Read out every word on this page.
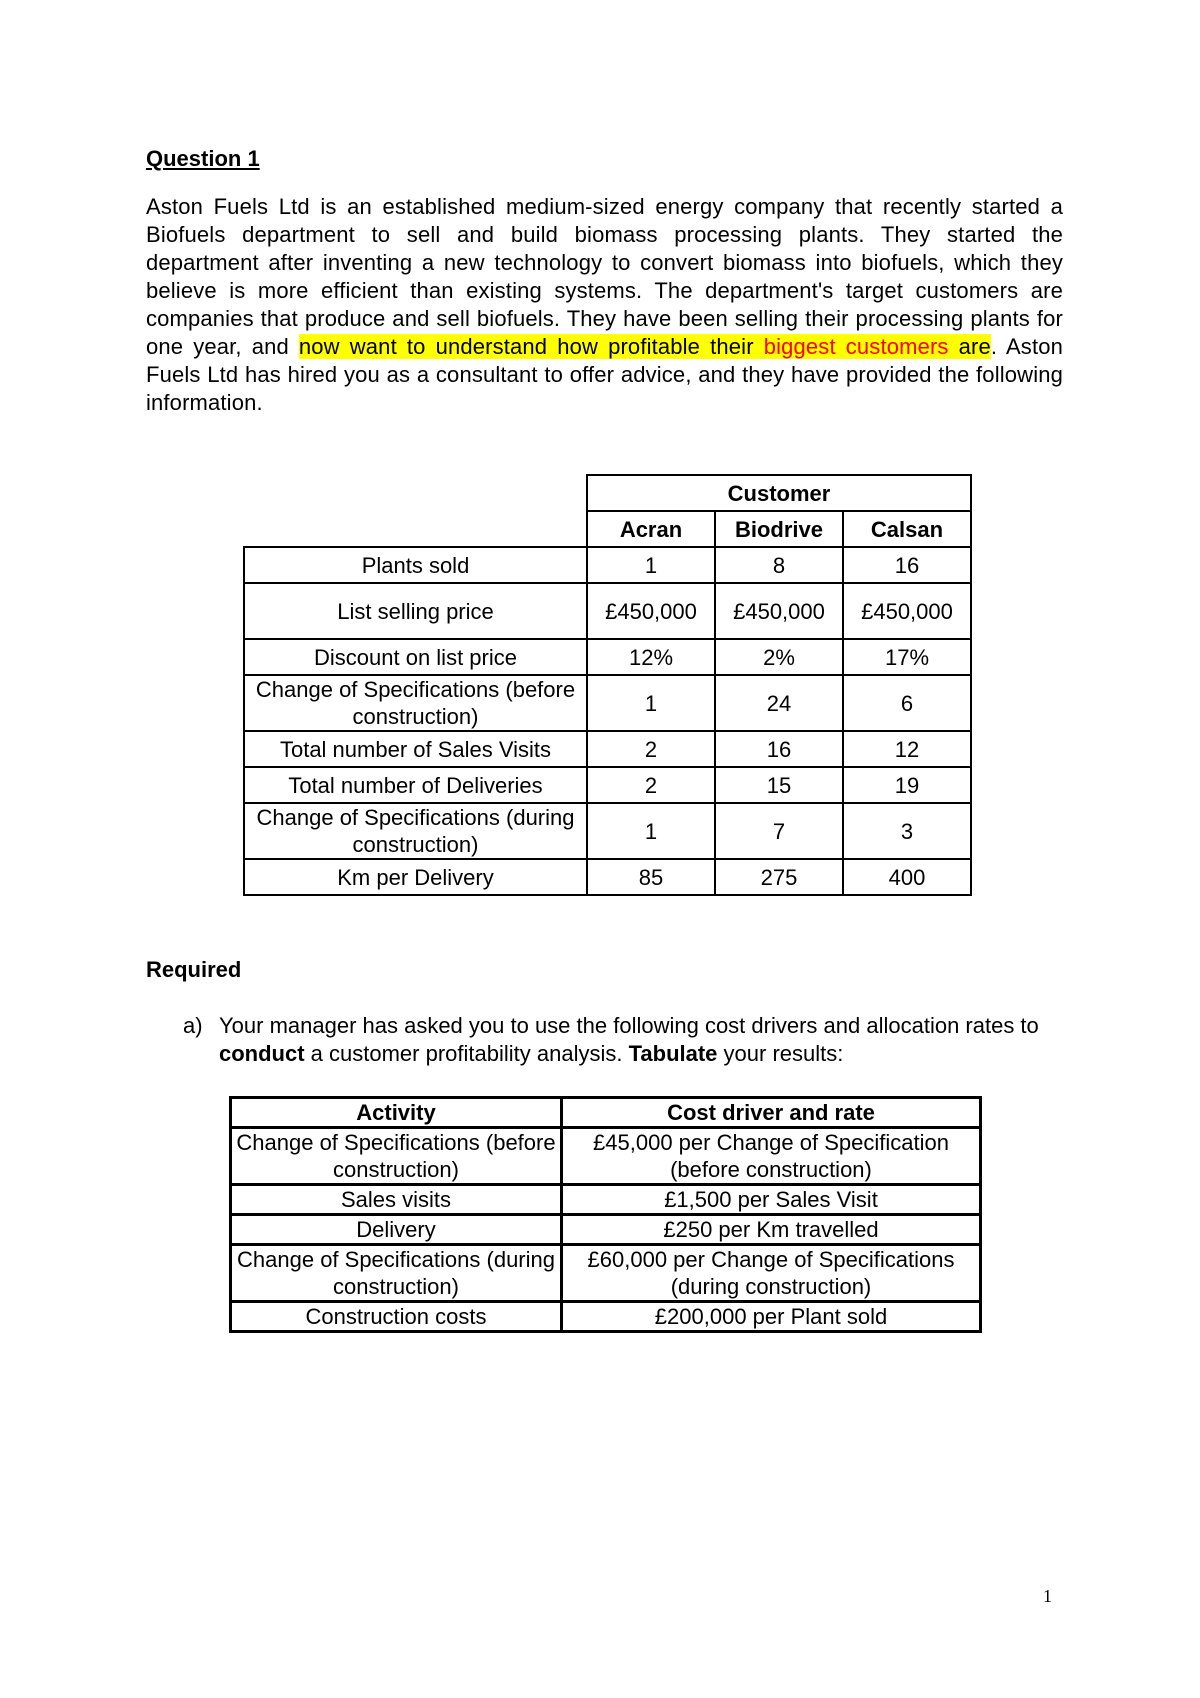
Question 1
Aston Fuels Ltd is an established medium-sized energy company that recently started a Biofuels department to sell and build biomass processing plants. They started the department after inventing a new technology to convert biomass into biofuels, which they believe is more efficient than existing systems. The department's target customers are companies that produce and sell biofuels. They have been selling their processing plants for one year, and now want to understand how profitable their biggest customers are. Aston Fuels Ltd has hired you as a consultant to offer advice, and they have provided the following information.
	Customer		
	Acran	Biodrive	Calsan
Plants sold	1	8	16
List selling price	£450,000	£450,000	£450,000
Discount on list price	12%	2%	17%
Change of Specifications (before construction)	1	24	6
Total number of Sales Visits	2	16	12
Total number of Deliveries	2	15	19
Change of Specifications (during construction)	1	7	3
Km per Delivery	85	275	400
Required
a) Your manager has asked you to use the following cost drivers and allocation rates to conduct a customer profitability analysis. Tabulate your results:
Activity	Cost driver and rate
Change of Specifications (before construction)	£45,000 per Change of Specification (before construction)
Sales visits	£1,500 per Sales Visit
Delivery	£250 per Km travelled
Change of Specifications (during construction)	£60,000 per Change of Specifications (during construction)
Construction costs	£200,000 per Plant sold
1
